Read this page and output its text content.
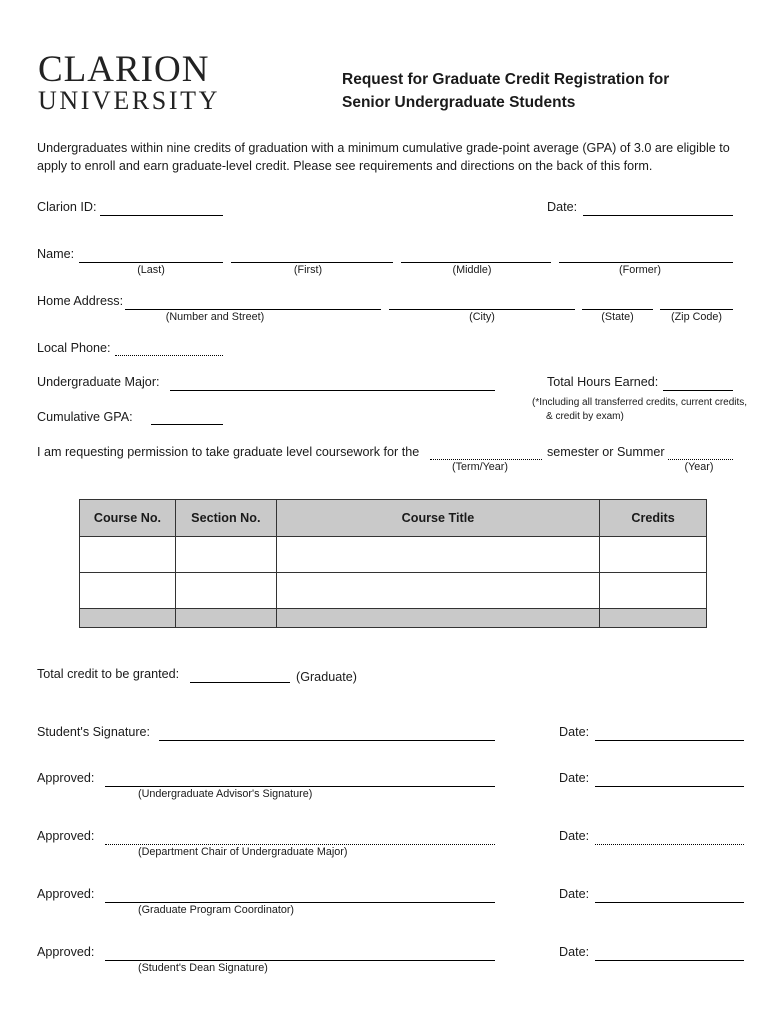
CLARION
UNIVERSITY
Request for Graduate Credit Registration for
Senior Undergraduate Students
Undergraduates within nine credits of graduation with a minimum cumulative grade-point average (GPA) of 3.0 are eligible to apply to enroll and earn graduate-level credit. Please see requirements and directions on the back of this form.
Clarion ID:	Date:
Name:
(Last)	(First)	(Middle)	(Former)
Home Address:
(Number and Street)	(City)	(State)	(Zip Code)
Local Phone:
Undergraduate Major:	Total Hours Earned:
(*Including all transferred credits, current credits, & credit by exam)
Cumulative GPA:
I am requesting permission to take graduate level coursework for the	semester or Summer
(Term/Year)	(Year)
Course No.	Section No.	Course Title	Credits

Total credit to be granted:	(Graduate)
Student's Signature:	Date:
Approved:
(Undergraduate Advisor's Signature)
Date:
Approved:
(Department Chair of Undergraduate Major)
Date:
Approved:
(Graduate Program Coordinator)
Date:
Approved:
(Student's Dean Signature)
Date:
